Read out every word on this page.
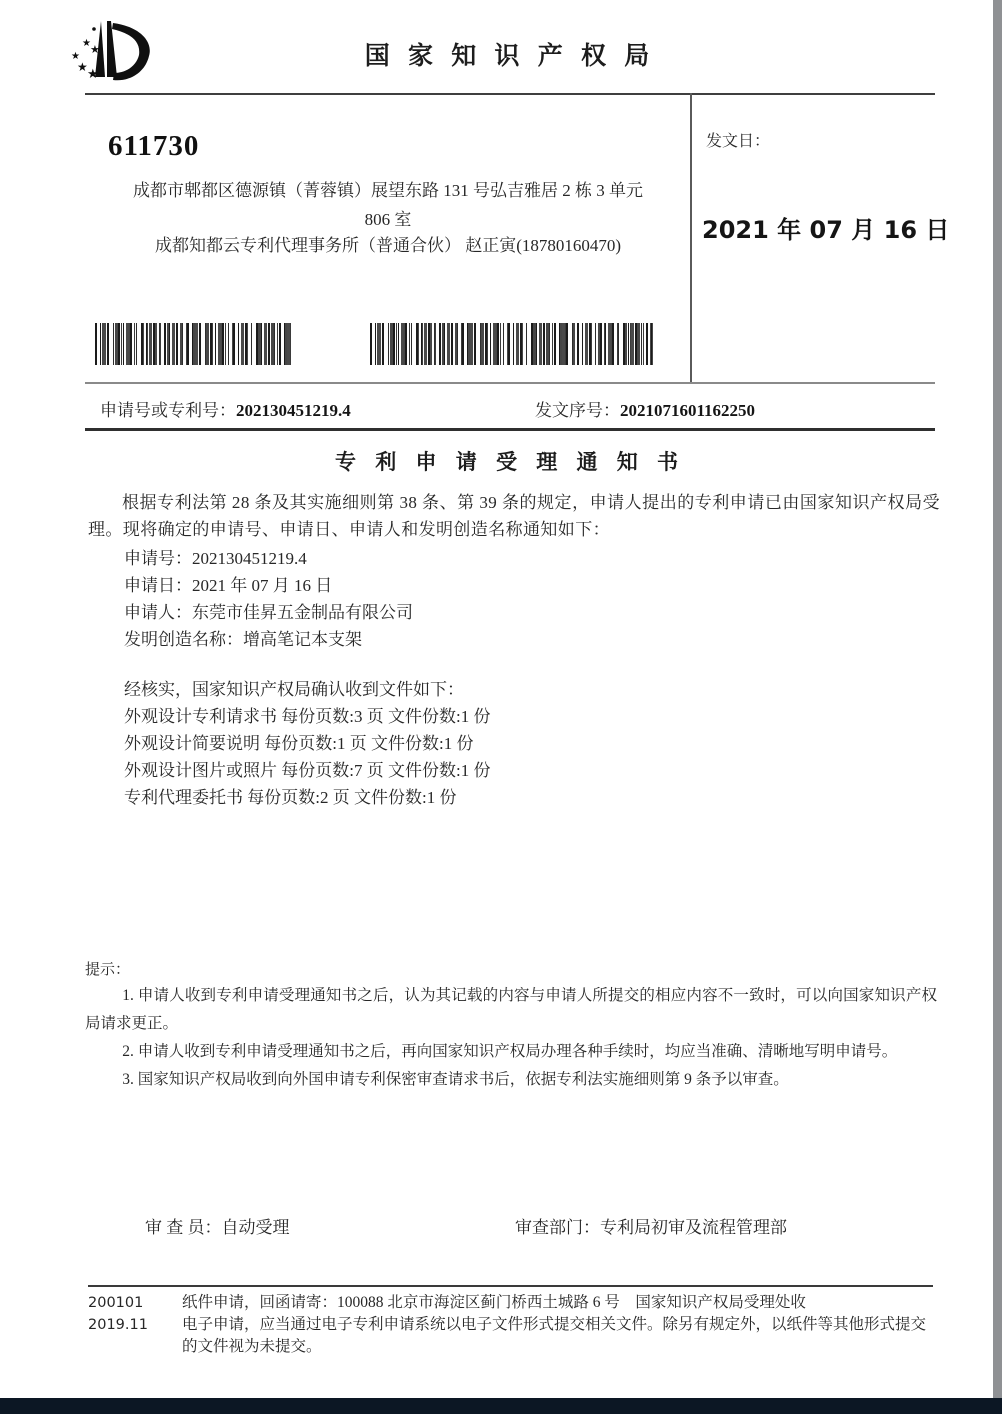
★ ★
★
★ ★
国 家 知 识 产 权 局
611730
成都市郫都区德源镇（菁蓉镇）展望东路 131 号弘吉雅居 2 栋 3 单元
806 室
成都知都云专利代理事务所（普通合伙） 赵正寅(18780160470)
发文日：
2021 年 07 月 16 日
申请号或专利号：202130451219.4	发文序号：2021071601162250
专 利 申 请 受 理 通 知 书
根据专利法第 28 条及其实施细则第 38 条、第 39 条的规定，申请人提出的专利申请已由国家知识产权局受理。现将确定的申请号、申请日、申请人和发明创造名称通知如下：
申请号：202130451219.4
申请日：2021 年 07 月 16 日
申请人：东莞市佳昇五金制品有限公司
发明创造名称：增高笔记本支架
经核实，国家知识产权局确认收到文件如下：
外观设计专利请求书 每份页数:3 页 文件份数:1 份
外观设计简要说明 每份页数:1 页 文件份数:1 份
外观设计图片或照片 每份页数:7 页 文件份数:1 份
专利代理委托书 每份页数:2 页 文件份数:1 份
提示：
1. 申请人收到专利申请受理通知书之后，认为其记载的内容与申请人所提交的相应内容不一致时，可以向国家知识产权局请求更正。
2. 申请人收到专利申请受理通知书之后，再向国家知识产权局办理各种手续时，均应当准确、清晰地写明申请号。
3. 国家知识产权局收到向外国申请专利保密审查请求书后，依据专利法实施细则第 9 条予以审查。
审 查 员：自动受理	审查部门：专利局初审及流程管理部
200101	纸件申请，回函请寄：100088 北京市海淀区蓟门桥西土城路 6 号　国家知识产权局受理处收
2019.11	电子申请，应当通过电子专利申请系统以电子文件形式提交相关文件。除另有规定外，以纸件等其他形式提交的文件视为未提交。
